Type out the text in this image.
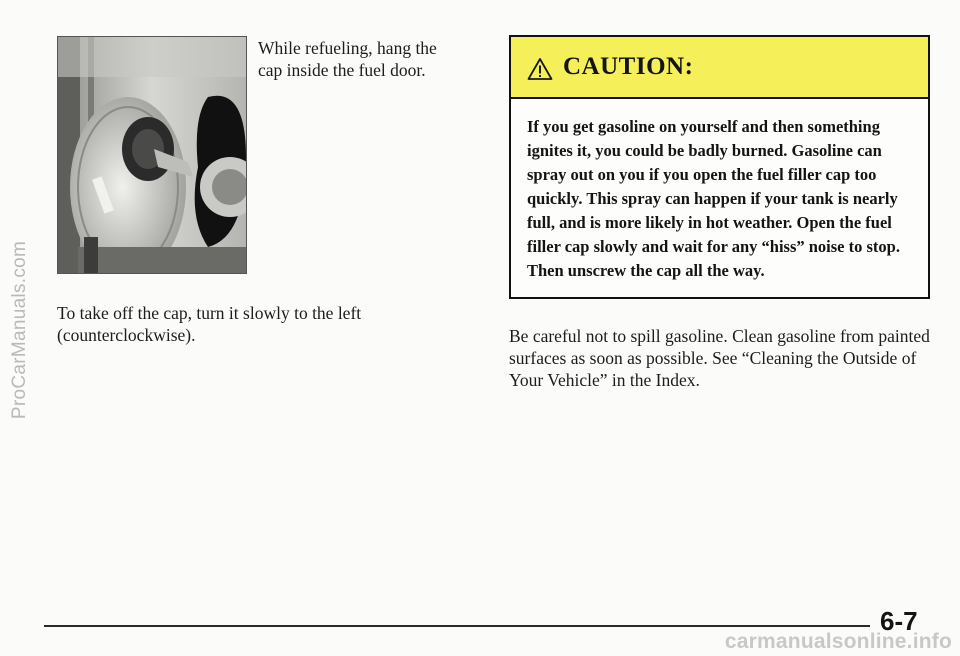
ProCarManuals.com
While refueling, hang the cap inside the fuel door.
To take off the cap, turn it slowly to the left (counterclockwise).
CAUTION:
If you get gasoline on yourself and then something ignites it, you could be badly burned. Gasoline can spray out on you if you open the fuel filler cap too quickly. This spray can happen if your tank is nearly full, and is more likely in hot weather. Open the fuel filler cap slowly and wait for any “hiss” noise to stop. Then unscrew the cap all the way.
Be careful not to spill gasoline. Clean gasoline from painted surfaces as soon as possible. See “Cleaning the Outside of Your Vehicle” in the Index.
6-7
carmanualsonline.info
